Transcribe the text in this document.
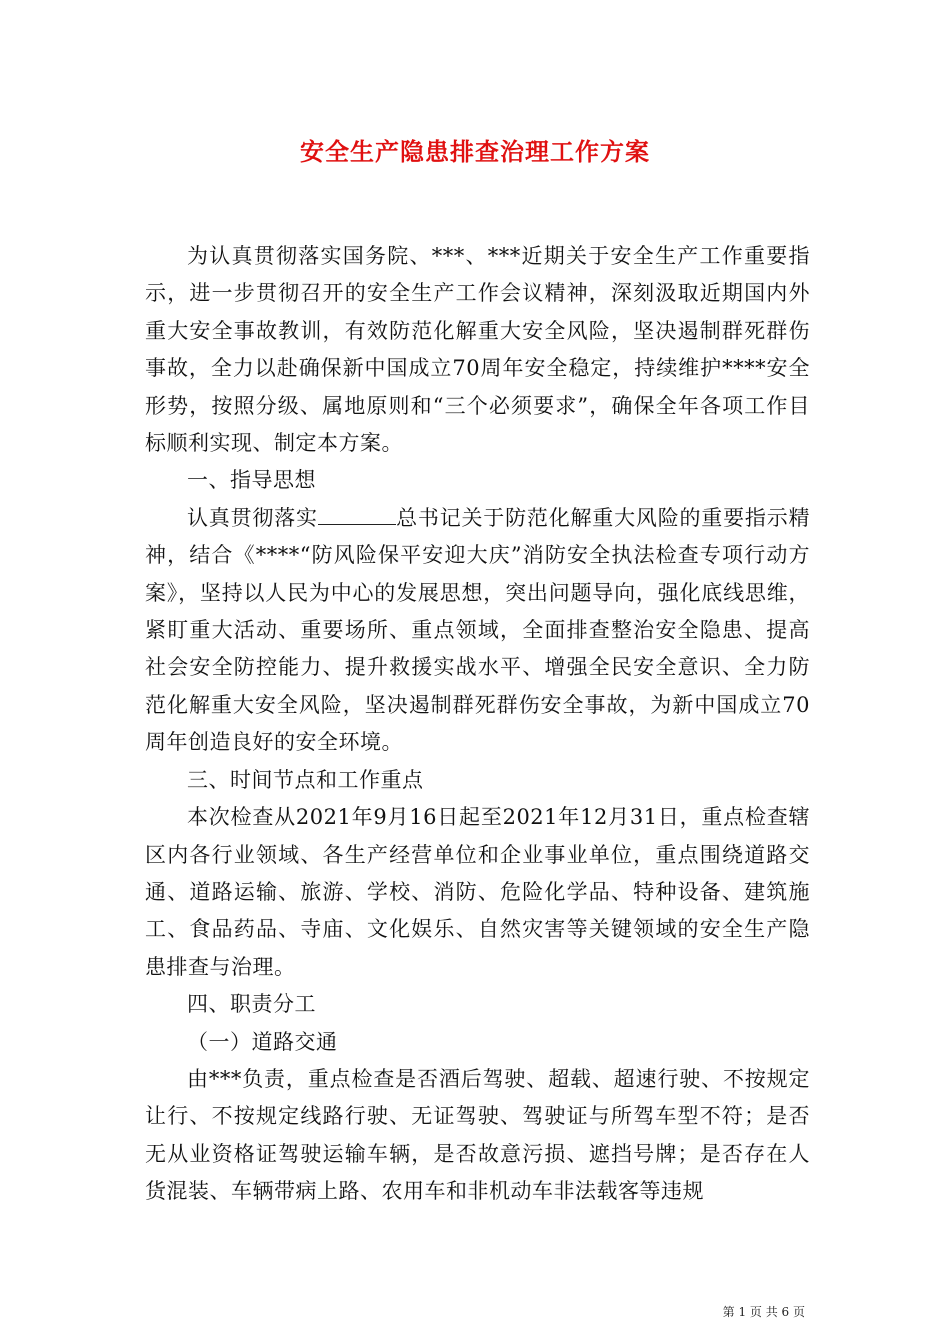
安全生产隐患排查治理工作方案

为认真贯彻落实国务院、***、***近期关于安全生产工作重要指示，进一步贯彻召开的安全生产工作会议精神，深刻汲取近期国内外重大安全事故教训，有效防范化解重大安全风险，坚决遏制群死群伤事故，全力以赴确保新中国成立70周年安全稳定，持续维护****安全形势，按照分级、属地原则和“三个必须要求”，确保全年各项工作目标顺利实现、制定本方案。

一、指导思想

认真贯彻落实	总书记关于防范化解重大风险的重要指示精神，结合《****“防风险保平安迎大庆”消防安全执法检查专项行动方案》，坚持以人民为中心的发展思想，突出问题导向，强化底线思维，紧盯重大活动、重要场所、重点领域，全面排查整治安全隐患、提高社会安全防控能力、提升救援实战水平、增强全民安全意识、全力防范化解重大安全风险，坚决遏制群死群伤安全事故，为新中国成立70周年创造良好的安全环境。

三、时间节点和工作重点

本次检查从2021年9月16日起至2021年12月31日，重点检查辖区内各行业领域、各生产经营单位和企业事业单位，重点围绕道路交通、道路运输、旅游、学校、消防、危险化学品、特种设备、建筑施工、食品药品、寺庙、文化娱乐、自然灾害等关键领域的安全生产隐患排查与治理。

四、职责分工

（一）道路交通

由***负责，重点检查是否酒后驾驶、超载、超速行驶、不按规定让行、不按规定线路行驶、无证驾驶、驾驶证与所驾车型不符；是否无从业资格证驾驶运输车辆，是否故意污损、遮挡号牌；是否存在人货混装、车辆带病上路、农用车和非机动车非法载客等违规

第 1 页 共 6 页
